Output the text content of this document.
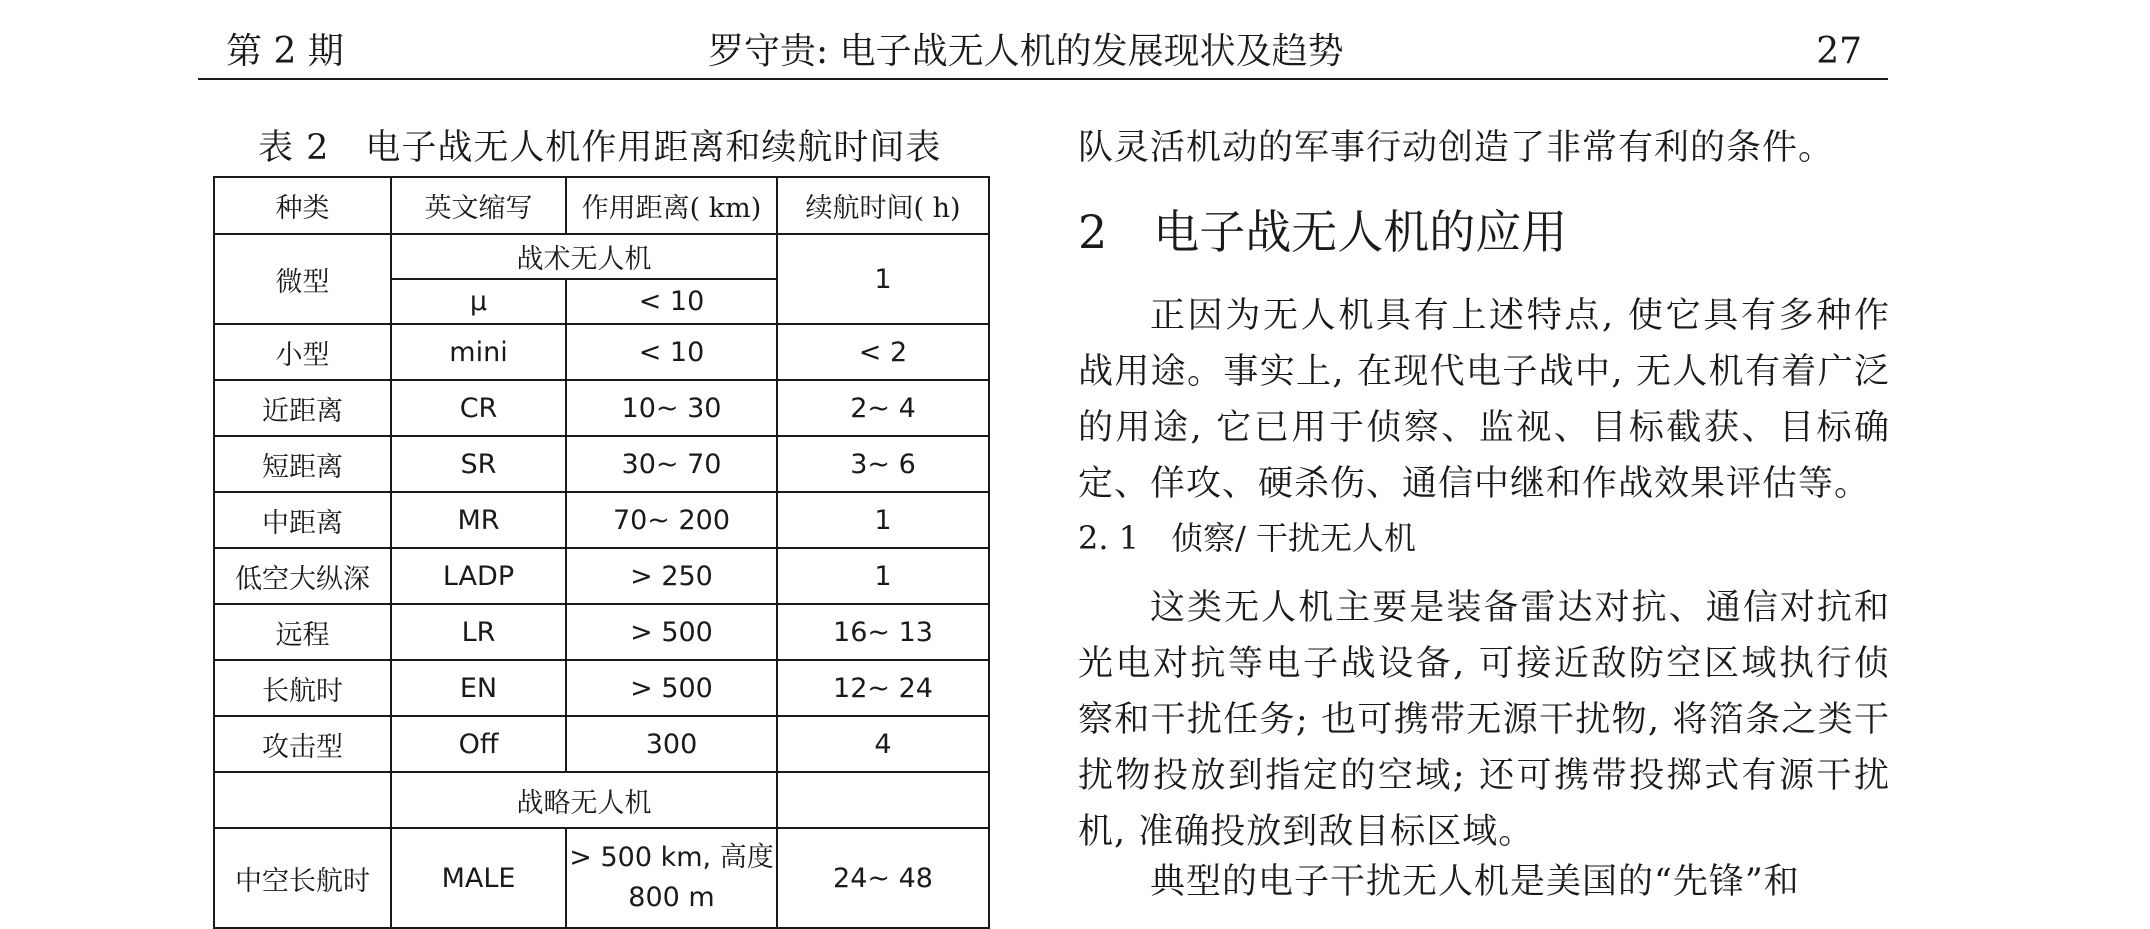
第 2 期	罗守贵: 电子战无人机的发展现状及趋势	27
表 2　电子战无人机作用距离和续航时间表
种类	英文缩写	作用距离( km)	续航时间( h)
微型	战术无人机		1
	μ	< 10	
小型	mini	< 10	< 2
近距离	CR	10~ 30	2~ 4
短距离	SR	30~ 70	3~ 6
中距离	MR	70~ 200	1
低空大纵深	LADP	> 250	1
远程	LR	> 500	16~ 13
长航时	EN	> 500	12~ 24
攻击型	Off	300	4
	战略无人机		
中空长航时	MALE	> 500 km, 高度 800 m	24~ 48
队灵活机动的军事行动创造了非常有利的条件。
2　电子战无人机的应用
正因为无人机具有上述特点, 使它具有多种作战用途。事实上, 在现代电子战中, 无人机有着广泛的用途, 它已用于侦察、监视、目标截获、目标确定、佯攻、硬杀伤、通信中继和作战效果评估等。
2. 1　侦察/ 干扰无人机
这类无人机主要是装备雷达对抗、通信对抗和光电对抗等电子战设备, 可接近敌防空区域执行侦察和干扰任务; 也可携带无源干扰物, 将箔条之类干扰物投放到指定的空域; 还可携带投掷式有源干扰机, 准确投放到敌目标区域。
典型的电子干扰无人机是美国的“先锋”和
